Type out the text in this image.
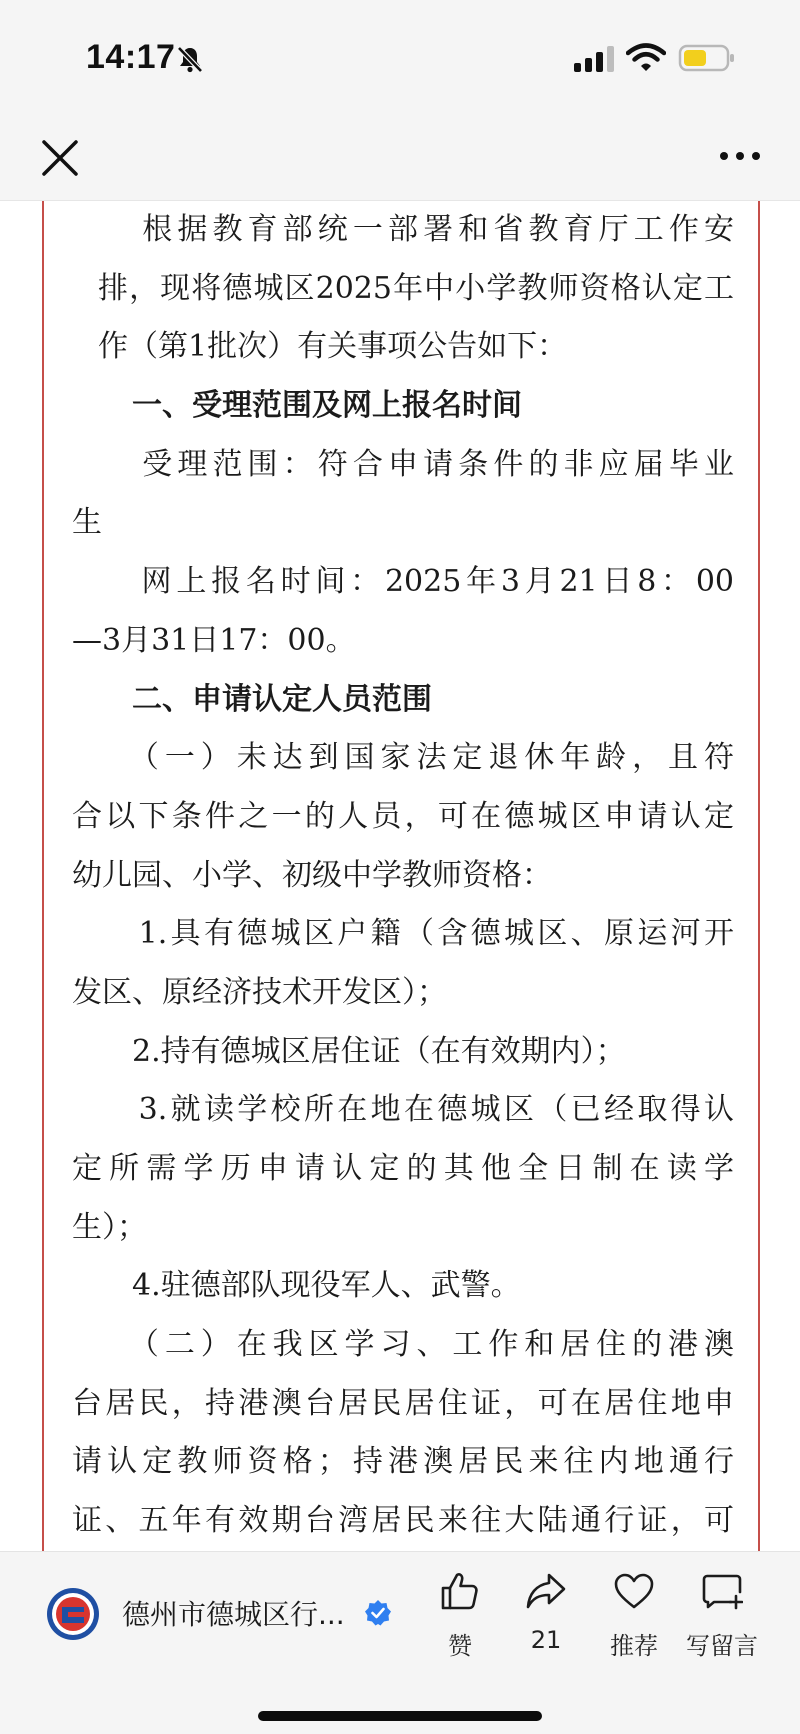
14:17
　　根据教育部统一部署和省教育厅工作安
排，现将德城区2025年中小学教师资格认定工
作（第1批次）有关事项公告如下：
　　一、受理范围及网上报名时间
　　受理范围：符合申请条件的非应届毕业
生
　　网上报名时间：2025年3月21日8：00
—3月31日17：00。
　　二、申请认定人员范围
　　（一）未达到国家法定退休年龄，且符
合以下条件之一的人员，可在德城区申请认定
幼儿园、小学、初级中学教师资格：
　　1.具有德城区户籍（含德城区、原运河开
发区、原经济技术开发区）；
　　2.持有德城区居住证（在有效期内）；
　　3.就读学校所在地在德城区（已经取得认
定所需学历申请认定的其他全日制在读学
生）；
　　4.驻德部队现役军人、武警。
　　（二）在我区学习、工作和居住的港澳
台居民，持港澳台居民居住证，可在居住地申
请认定教师资格；持港澳居民来往内地通行
证、五年有效期台湾居民来往大陆通行证，可
德州市德城区行...
赞	21	推荐	写留言
